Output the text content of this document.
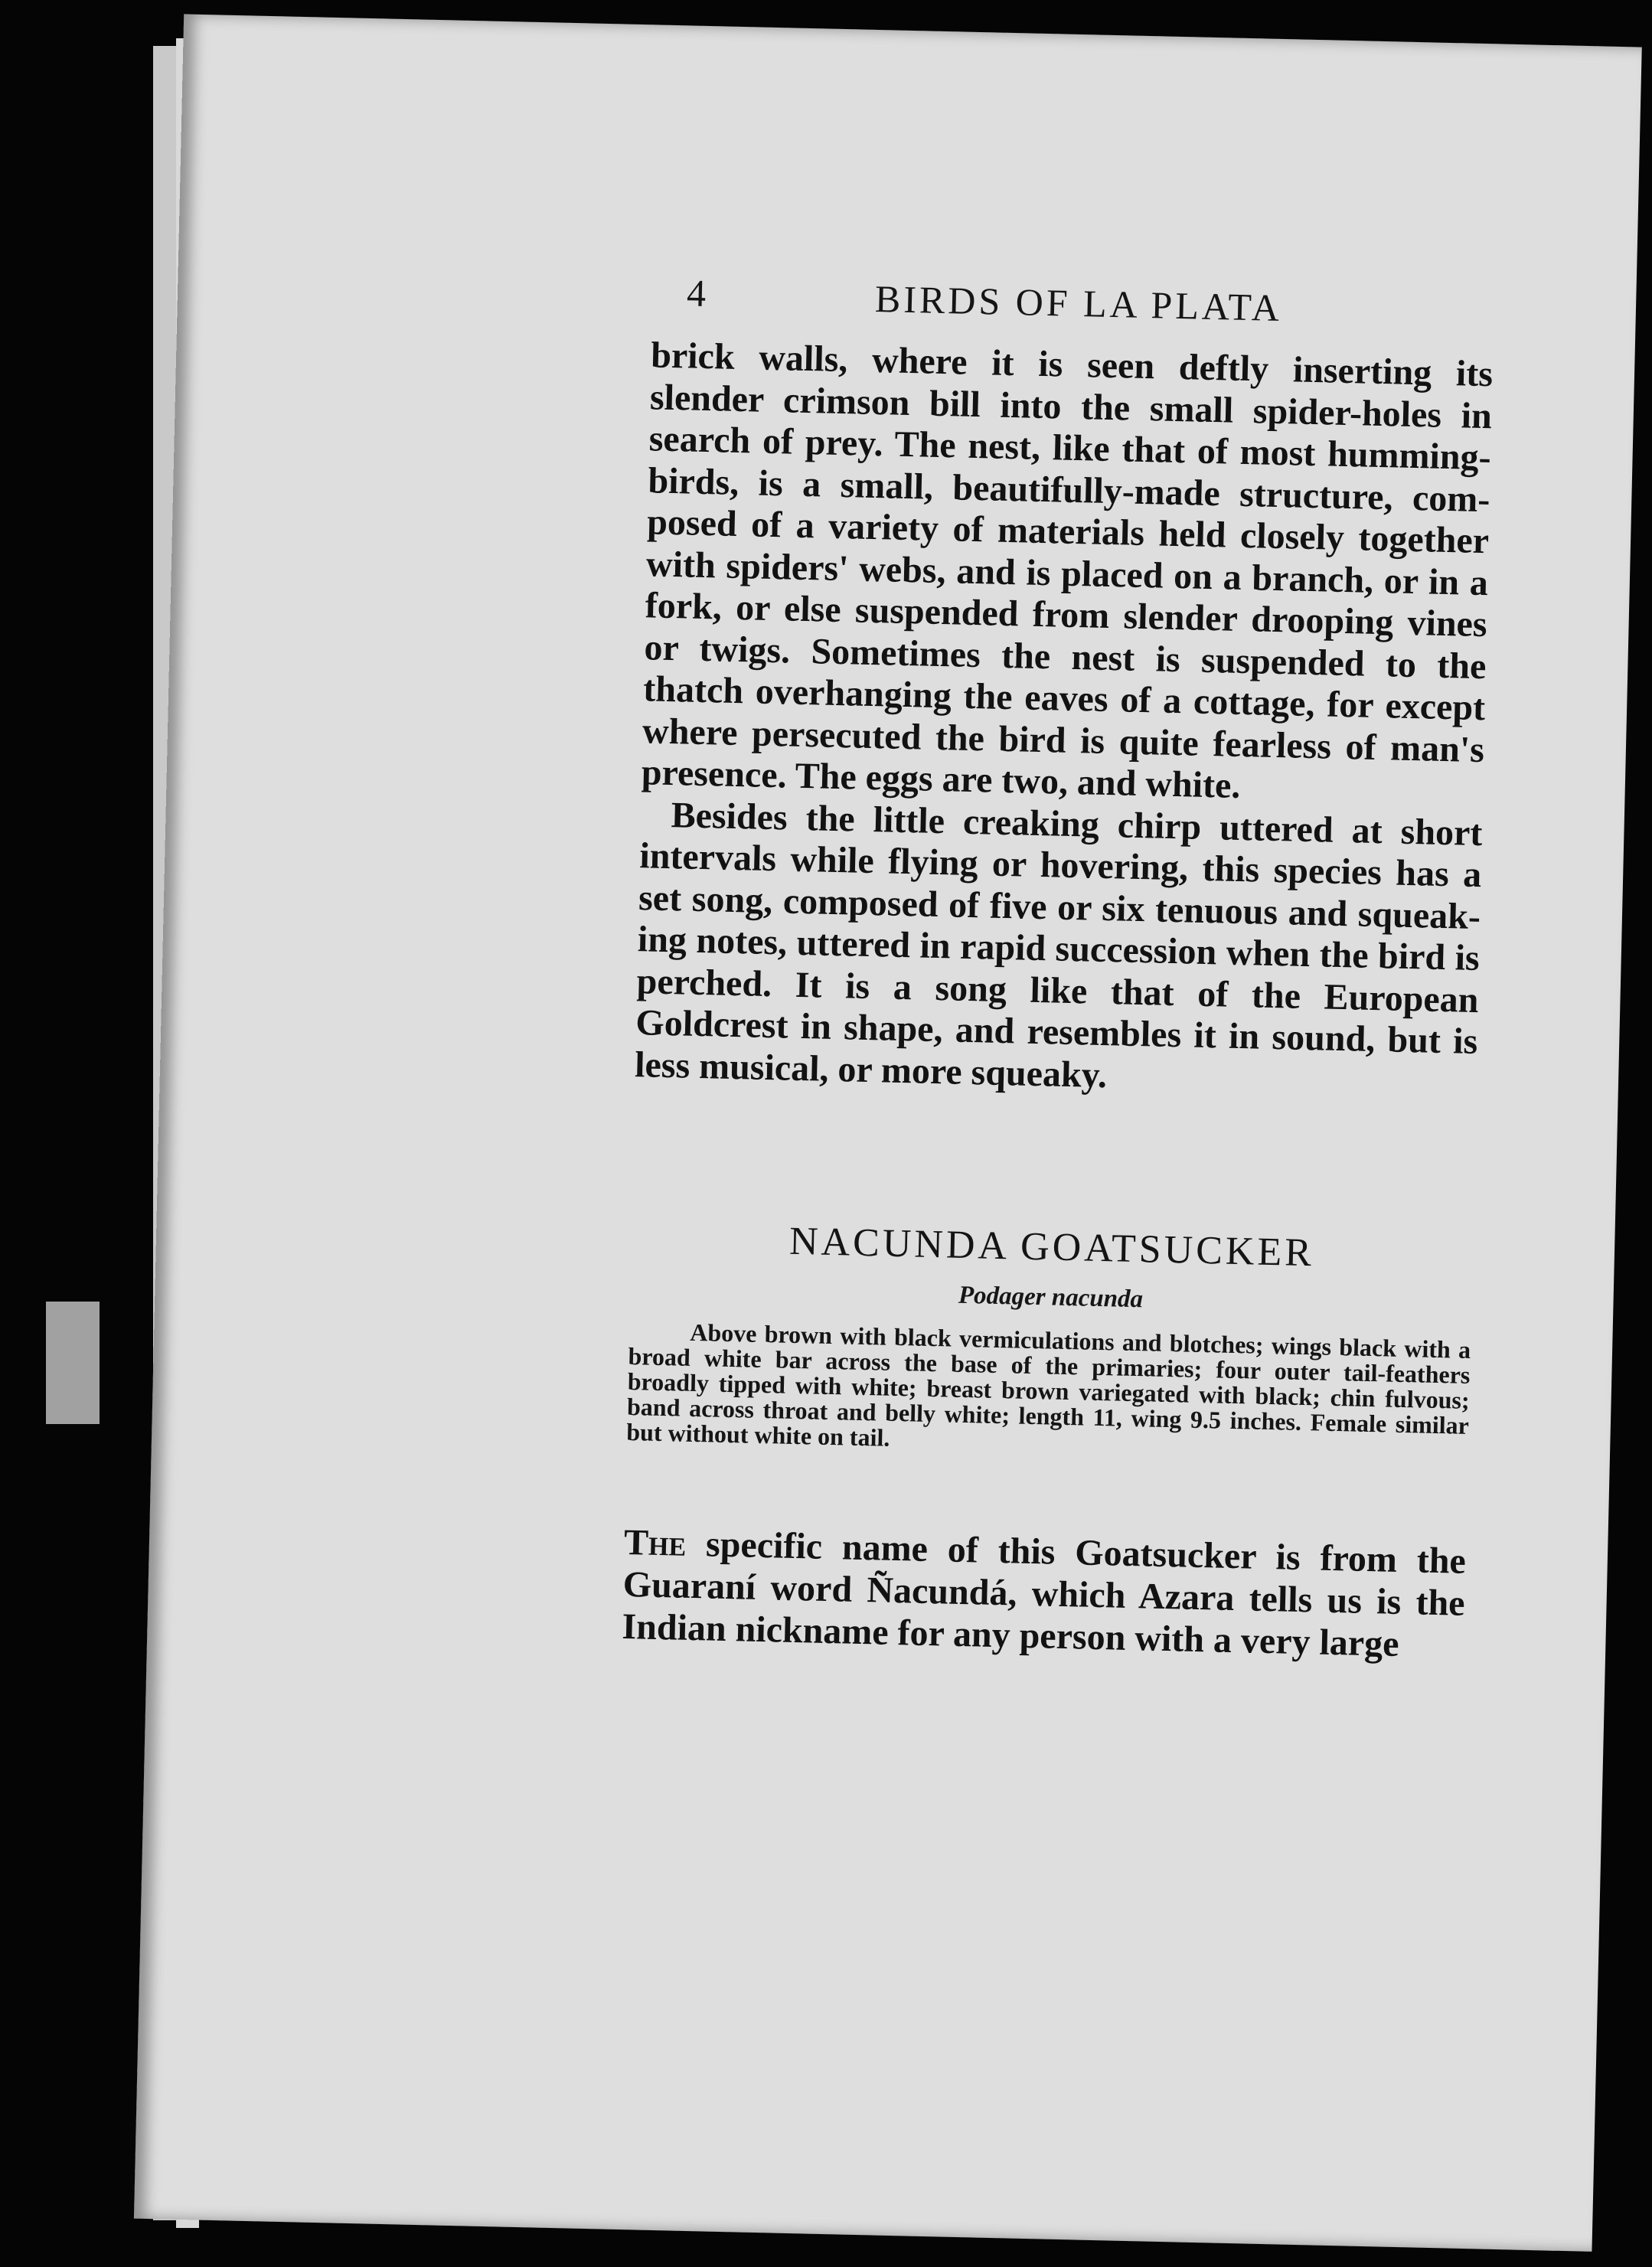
4	BIRDS OF LA PLATA

brick walls, where it is seen deftly inserting its slender crimson bill into the small spider-holes in search of prey. The nest, like that of most humming-birds, is a small, beautifully-made structure, com-posed of a variety of materials held closely together with spiders' webs, and is placed on a branch, or in a fork, or else suspended from slender drooping vines or twigs. Sometimes the nest is suspended to the thatch overhanging the eaves of a cottage, for except where persecuted the bird is quite fearless of man's presence. The eggs are two, and white.

Besides the little creaking chirp uttered at short intervals while flying or hovering, this species has a set song, composed of five or six tenuous and squeak-ing notes, uttered in rapid succession when the bird is perched. It is a song like that of the European Goldcrest in shape, and resembles it in sound, but is less musical, or more squeaky.

NACUNDA GOATSUCKER
Podager nacunda

Above brown with black vermiculations and blotches; wings black with a broad white bar across the base of the primaries; four outer tail-feathers broadly tipped with white; breast brown variegated with black; chin fulvous; band across throat and belly white; length 11, wing 9.5 inches. Female similar but without white on tail.

The specific name of this Goatsucker is from the Guaraní word Ñacundá, which Azara tells us is the Indian nickname for any person with a very large
